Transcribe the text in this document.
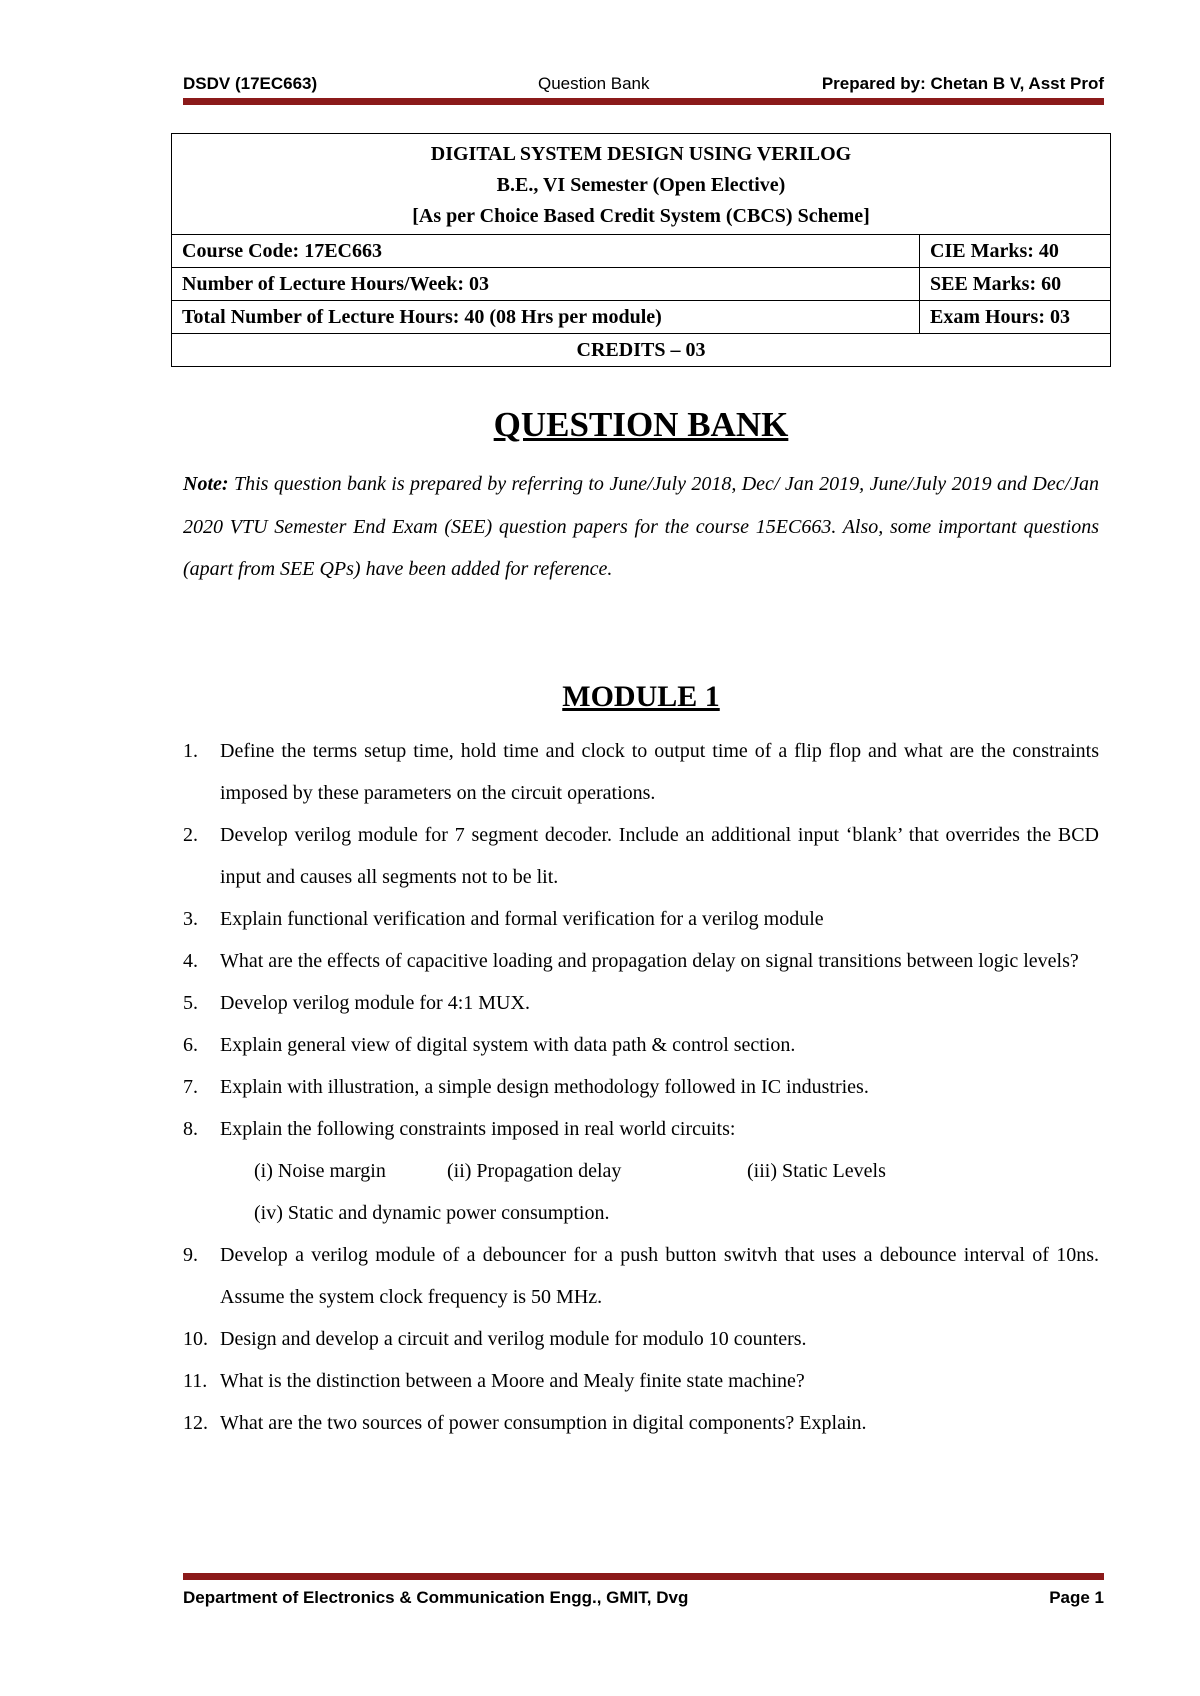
DSDV (17EC663)	Question Bank	Prepared by: Chetan B V, Asst Prof
DIGITAL SYSTEM DESIGN USING VERILOG
B.E., VI Semester (Open Elective)
[As per Choice Based Credit System (CBCS) Scheme]	

Course Code: 17EC663	CIE Marks: 40
Number of Lecture Hours/Week: 03	SEE Marks: 60
Total Number of Lecture Hours: 40 (08 Hrs per module)	Exam Hours: 03
CREDITS – 03	
QUESTION BANK

Note: This question bank is prepared by referring to June/July 2018, Dec/ Jan 2019, June/July 2019 and Dec/Jan 2020 VTU Semester End Exam (SEE) question papers for the course 15EC663. Also, some important questions (apart from SEE QPs) have been added for reference.

MODULE 1
1. Define the terms setup time, hold time and clock to output time of a flip flop and what are the constraints imposed by these parameters on the circuit operations.
2. Develop verilog module for 7 segment decoder. Include an additional input ‘blank’ that overrides the BCD input and causes all segments not to be lit.
3. Explain functional verification and formal verification for a verilog module
4. What are the effects of capacitive loading and propagation delay on signal transitions between logic levels?
5. Develop verilog module for 4:1 MUX.
6. Explain general view of digital system with data path & control section.
7. Explain with illustration, a simple design methodology followed in IC industries.
8. Explain the following constraints imposed in real world circuits:
(i) Noise margin	(ii) Propagation delay	(iii) Static Levels
(iv) Static and dynamic power consumption.
9. Develop a verilog module of a debouncer for a push button switvh that uses a debounce interval of 10ns. Assume the system clock frequency is 50 MHz.
10. Design and develop a circuit and verilog module for modulo 10 counters.
11. What is the distinction between a Moore and Mealy finite state machine?
12. What are the two sources of power consumption in digital components? Explain.
Department of Electronics & Communication Engg., GMIT, Dvg	Page 1
